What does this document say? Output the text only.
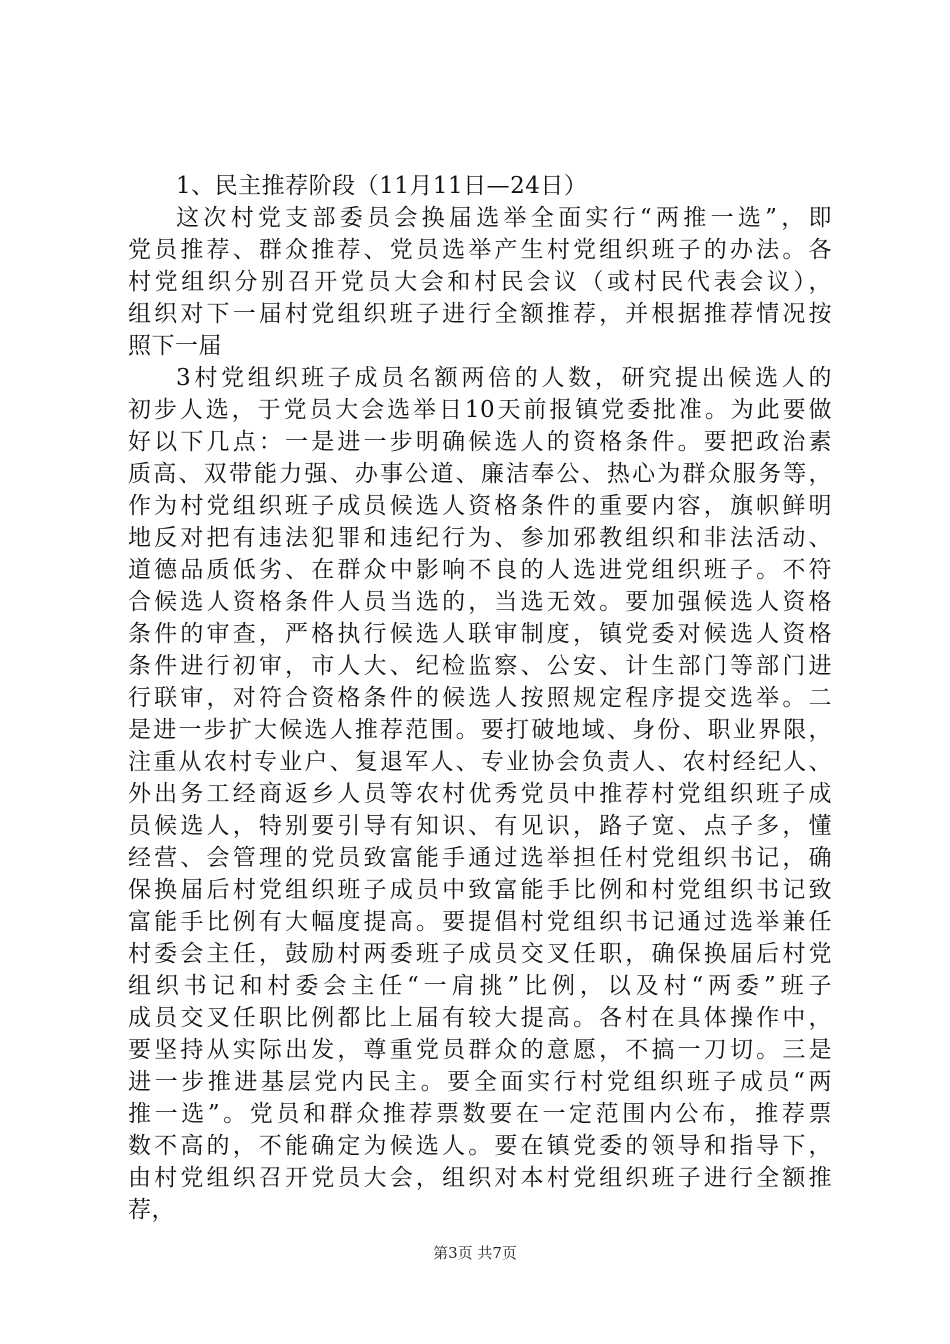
1、民主推荐阶段（11月11日—24日）
这次村党支部委员会换届选举全面实行“两推一选”，即
党员推荐、群众推荐、党员选举产生村党组织班子的办法。各
村党组织分别召开党员大会和村民会议（或村民代表会议），
组织对下一届村党组织班子进行全额推荐，并根据推荐情况按
照下一届
3村党组织班子成员名额两倍的人数，研究提出候选人的
初步人选，于党员大会选举日10天前报镇党委批准。为此要做
好以下几点：一是进一步明确候选人的资格条件。要把政治素
质高、双带能力强、办事公道、廉洁奉公、热心为群众服务等，
作为村党组织班子成员候选人资格条件的重要内容，旗帜鲜明
地反对把有违法犯罪和违纪行为、参加邪教组织和非法活动、
道德品质低劣、在群众中影响不良的人选进党组织班子。不符
合候选人资格条件人员当选的，当选无效。要加强候选人资格
条件的审查，严格执行候选人联审制度，镇党委对候选人资格
条件进行初审，市人大、纪检监察、公安、计生部门等部门进
行联审，对符合资格条件的候选人按照规定程序提交选举。二
是进一步扩大候选人推荐范围。要打破地域、身份、职业界限，
注重从农村专业户、复退军人、专业协会负责人、农村经纪人、
外出务工经商返乡人员等农村优秀党员中推荐村党组织班子成
员候选人，特别要引导有知识、有见识，路子宽、点子多，懂
经营、会管理的党员致富能手通过选举担任村党组织书记，确
保换届后村党组织班子成员中致富能手比例和村党组织书记致
富能手比例有大幅度提高。要提倡村党组织书记通过选举兼任
村委会主任，鼓励村两委班子成员交叉任职，确保换届后村党
组织书记和村委会主任“一肩挑”比例，以及村“两委”班子
成员交叉任职比例都比上届有较大提高。各村在具体操作中，
要坚持从实际出发，尊重党员群众的意愿，不搞一刀切。三是
进一步推进基层党内民主。要全面实行村党组织班子成员“两
推一选”。党员和群众推荐票数要在一定范围内公布，推荐票
数不高的，不能确定为候选人。要在镇党委的领导和指导下，
由村党组织召开党员大会，组织对本村党组织班子进行全额推
荐，
第3页 共7页
